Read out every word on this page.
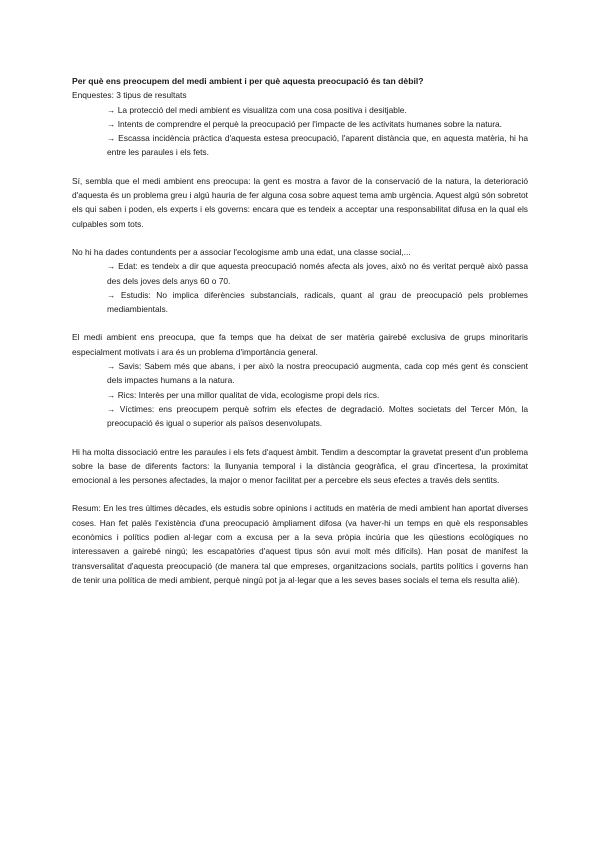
Per què ens preocupem del medi ambient i per què aquesta preocupació és tan dèbil?

Enquestes: 3 tipus de resultats

→ La protecció del medi ambient es visualitza com una cosa positiva i desitjable.

→ Intents de comprendre el perquè la preocupació per l'impacte de les activitats humanes sobre la natura.

→ Escassa incidència pràctica d'aquesta estesa preocupació, l'aparent distància que, en aquesta matèria, hi ha entre les paraules i els fets.

Sí, sembla que el medi ambient ens preocupa: la gent es mostra a favor de la conservació de la natura, la deterioració d'aquesta és un problema greu i algú hauria de fer alguna cosa sobre aquest tema amb urgència. Aquest algú són sobretot els qui saben i poden, els experts i els governs: encara que es tendeix a acceptar una responsabilitat difusa en la qual els culpables som tots.

No hi ha dades contundents per a associar l'ecologisme amb una edat, una classe social,...

→ Edat: es tendeix a dir que aquesta preocupació només afecta als joves, això no és veritat perquè això passa des dels joves dels anys 60 o 70.

→ Estudis: No implica diferències substancials, radicals, quant al grau de preocupació pels problemes mediambientals.

El medi ambient ens preocupa, que fa temps que ha deixat de ser matèria gairebé exclusiva de grups minoritaris especialment motivats i ara és un problema d'importància general.

→ Savis: Sabem més que abans, i per això la nostra preocupació augmenta, cada cop més gent és conscient dels impactes humans a la natura.

→ Rics: Interès per una millor qualitat de vida, ecologisme propi dels rics.

→ Víctimes: ens preocupem perquè sofrim els efectes de degradació. Moltes societats del Tercer Món, la preocupació és igual o superior als països desenvolupats.

Hi ha molta dissociació entre les paraules i els fets d'aquest àmbit. Tendim a descomptar la gravetat present d'un problema sobre la base de diferents factors: la llunyania temporal i la distància geogràfica, el grau d'incertesa, la proximitat emocional a les persones afectades, la major o menor facilitat per a percebre els seus efectes a través dels sentits.

Resum: En les tres últimes dècades, els estudis sobre opinions i actituds en matèria de medi ambient han aportat diverses coses. Han fet palès l'existència d'una preocupació àmpliament difosa (va haver-hi un temps en què els responsables econòmics i polítics podien al·legar com a excusa per a la seva pròpia incúria que les qüestions ecològiques no interessaven a gairebé ningú; les escapatòries d'aquest tipus són avui molt més difícils). Han posat de manifest la transversalitat d'aquesta preocupació (de manera tal que empreses, organitzacions socials, partits polítics i governs han de tenir una política de medi ambient, perquè ningú pot ja al·legar que a les seves bases socials el tema els resulta aliè).
